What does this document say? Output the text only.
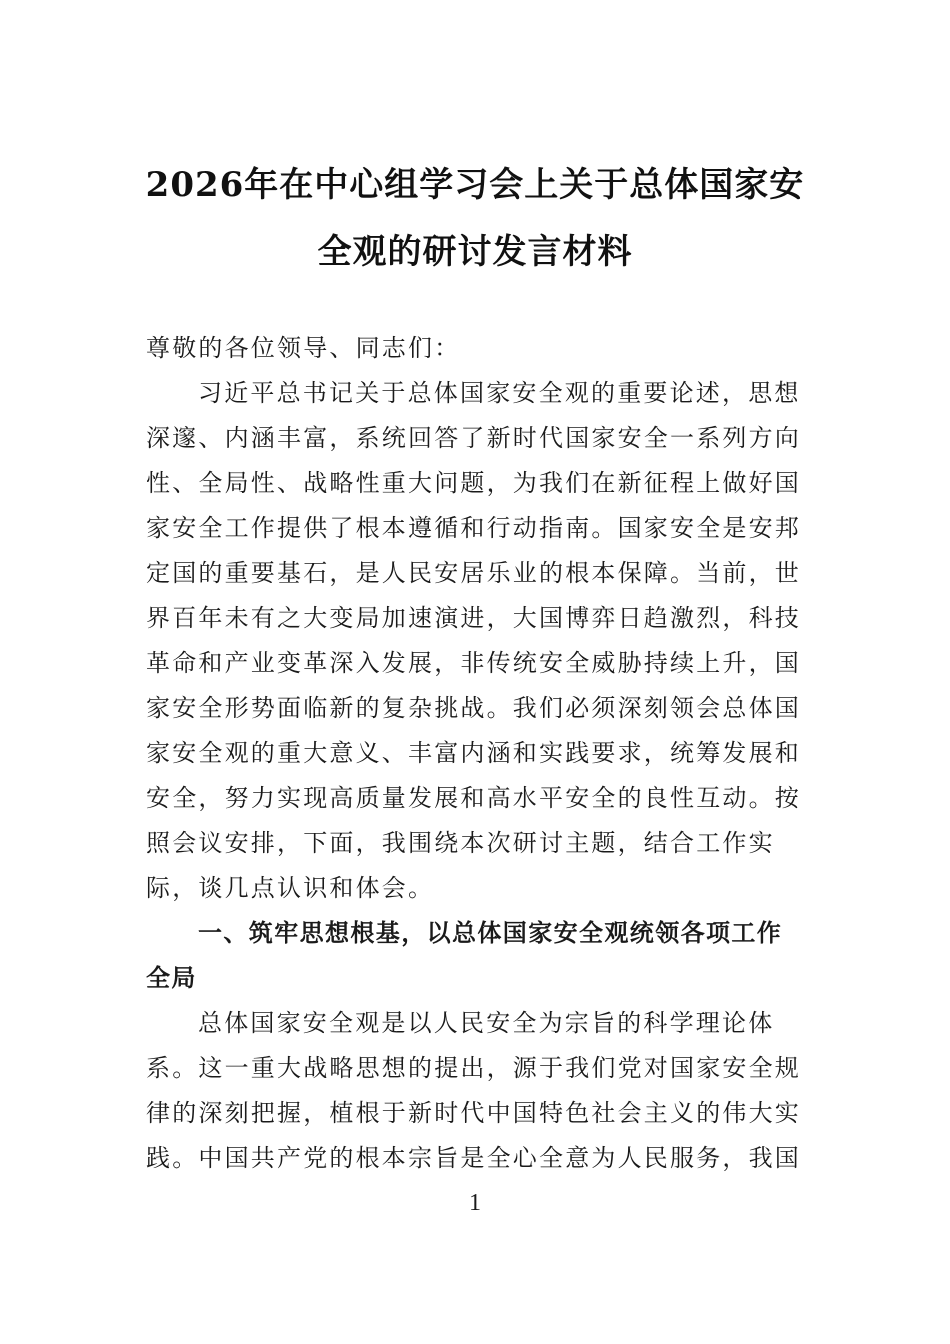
2026年在中心组学习会上关于总体国家安
全观的研讨发言材料
尊敬的各位领导、同志们：
习近平总书记关于总体国家安全观的重要论述，思想
深邃、内涵丰富，系统回答了新时代国家安全一系列方向
性、全局性、战略性重大问题，为我们在新征程上做好国
家安全工作提供了根本遵循和行动指南。国家安全是安邦
定国的重要基石，是人民安居乐业的根本保障。当前，世
界百年未有之大变局加速演进，大国博弈日趋激烈，科技
革命和产业变革深入发展，非传统安全威胁持续上升，国
家安全形势面临新的复杂挑战。我们必须深刻领会总体国
家安全观的重大意义、丰富内涵和实践要求，统筹发展和
安全，努力实现高质量发展和高水平安全的良性互动。按
照会议安排，下面，我围绕本次研讨主题，结合工作实
际，谈几点认识和体会。
一、筑牢思想根基，以总体国家安全观统领各项工作
全局
总体国家安全观是以人民安全为宗旨的科学理论体
系。这一重大战略思想的提出，源于我们党对国家安全规
律的深刻把握，植根于新时代中国特色社会主义的伟大实
践。中国共产党的根本宗旨是全心全意为人民服务，我国
1
